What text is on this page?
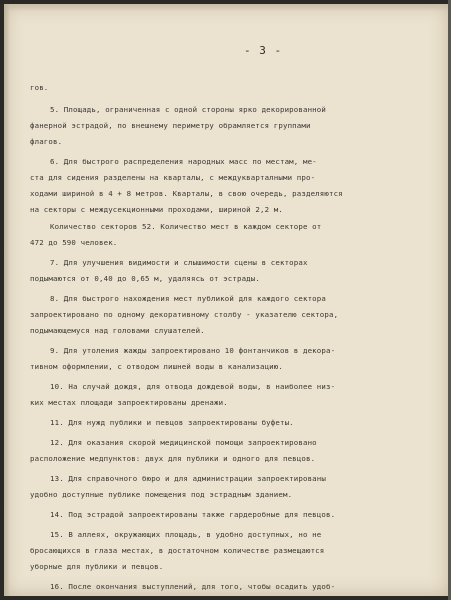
- 3 -

гов.

5. Площадь, ограниченная с одной стороны ярко декорированной

фанерной эстрадой, по внешнему периметру обрамляется группами

флагов.

6. Для быстрого распределения народных масс по местам, ме-

ста для сидения разделены на кварталы, с междукварталными про-

ходами шириной в 4 + 8 метров. Кварталы, в свою очередь, разделяются

на секторы с междусекционными проходами, шириной 2,2 м.

Количество секторов 52. Количество мест в каждом секторе от

472 до 590 человек.

7. Для улучшения видимости и слышимости сцены в секторах

подымаются от 0,40 до 0,65 м, удаляясь от эстрады.

8. Для быстрого нахождения мест публикой для каждого сектора

запроектировано по одному декоративному столбу - указателю сектора,

подымающемуся над головами слушателей.

9. Для утоления жажды запроектировано 10 фонтанчиков в декора-

тивном оформлении, с отводом лишней воды в канализацию.

10. На случай дождя, для отвода дождевой воды, в наиболее низ-

ких местах площади запроектированы дренажи.

11. Для нужд публики и певцов запроектированы буфеты.

12. Для оказания скорой медицинской помощи запроектировано

расположение медпунктов: двух для публики и одного для певцов.

13. Для справочного бюро и для администрации запроектированы

удобно доступные публике помещения под эстрадным зданием.

14. Под эстрадой запроектированы также гардеробные для певцов.

15. В аллеях, окружающих площадь, в удобно доступных, но не

бросающихся в глаза местах, в достаточном количестве размещаются

уборные для публики и певцов.

16. После окончания выступлений, для того, чтобы осадить удоб-
